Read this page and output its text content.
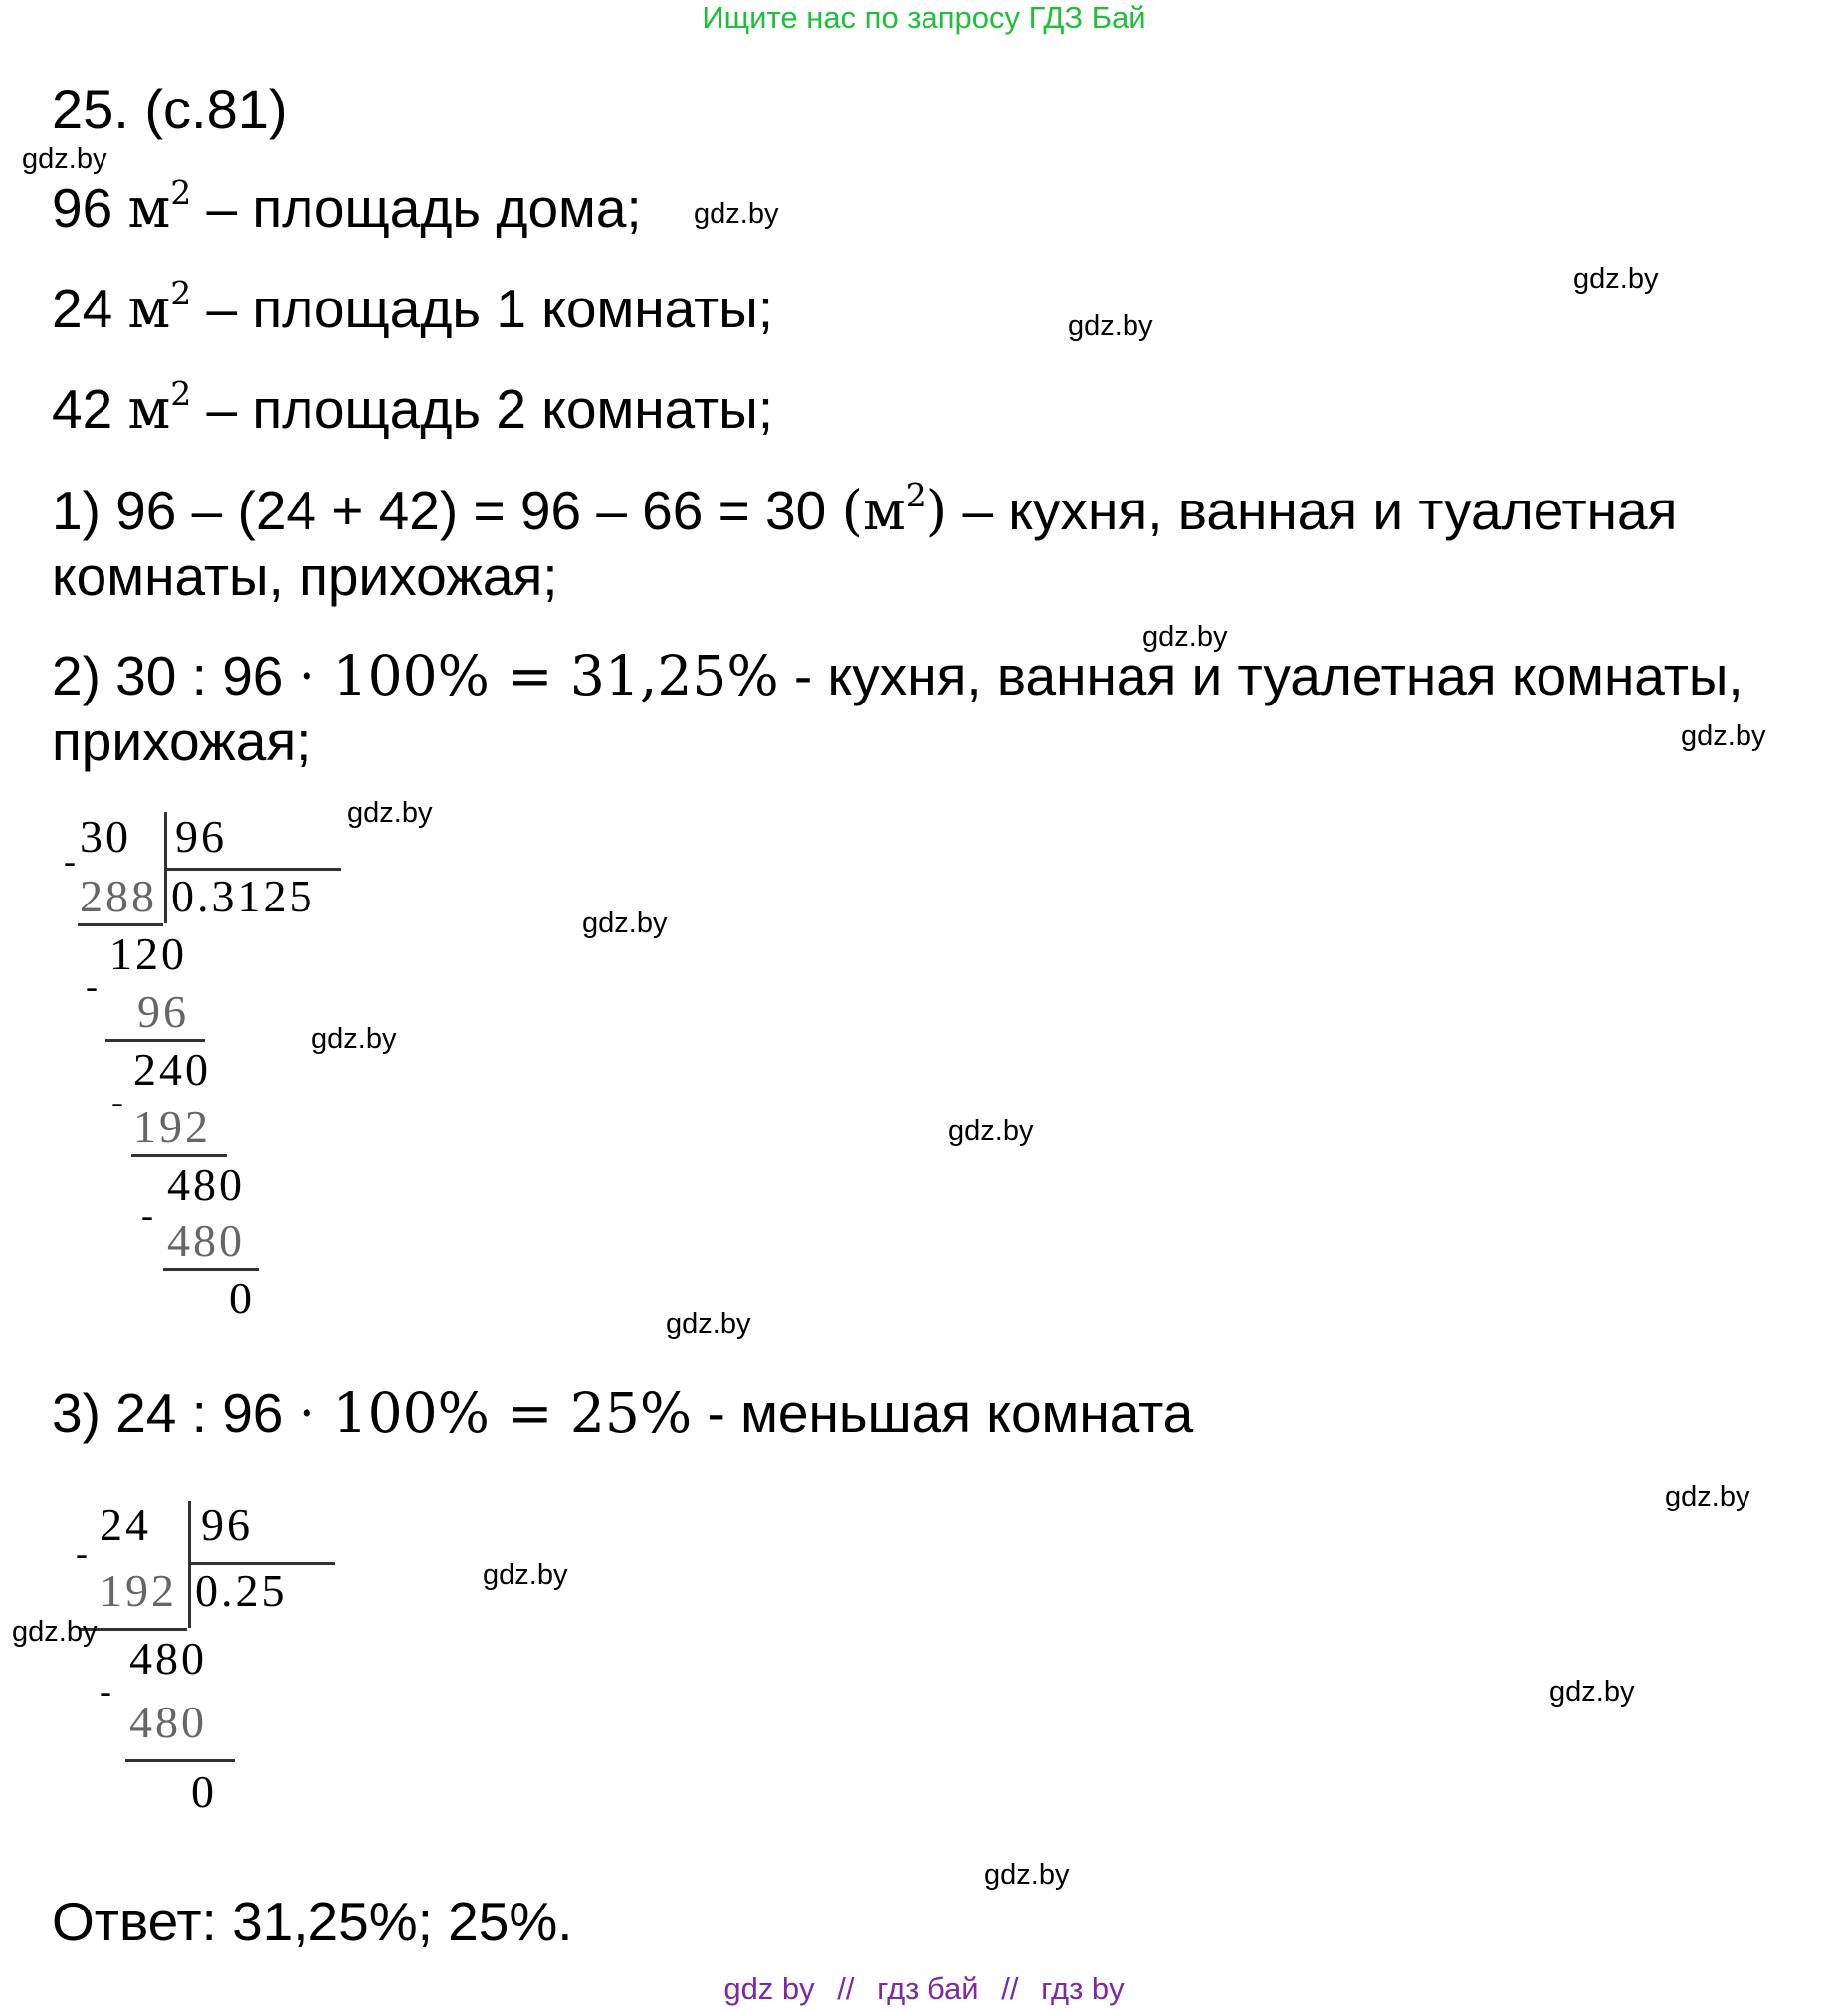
Ищите нас по запросу ГДЗ Бай
25. (с.81)
96 $м^2$ – площадь дома;
24 $м^2$ – площадь 1 комнаты;
42 $м^2$ – площадь 2 комнаты;
1) 96 – (24 + 42) = 96 – 66 = 30 $(м^2)$ – кухня, ванная и туалетная
комнаты, прихожая;
2) 30 : 96 · 100% = 31,25% - кухня, ванная и туалетная комнаты,
прихожая;
30 96
-
288 0.3125
120
- 96
240
- 192
480
- 480
0
3) 24 : 96 · 100% = 25% - меньшая комната
24 96
-
192 0.25
480
-
480
0
Ответ: 31,25%; 25%.
gdz.by
gdz.by
gdz.by
gdz.by
gdz.by
gdz.by
gdz.by
gdz.by
gdz.by
gdz.by
gdz.by
gdz.by
gdz.by
gdz.by
gdz.by
gdz.by
gdz by // гдз бай // гдз by
